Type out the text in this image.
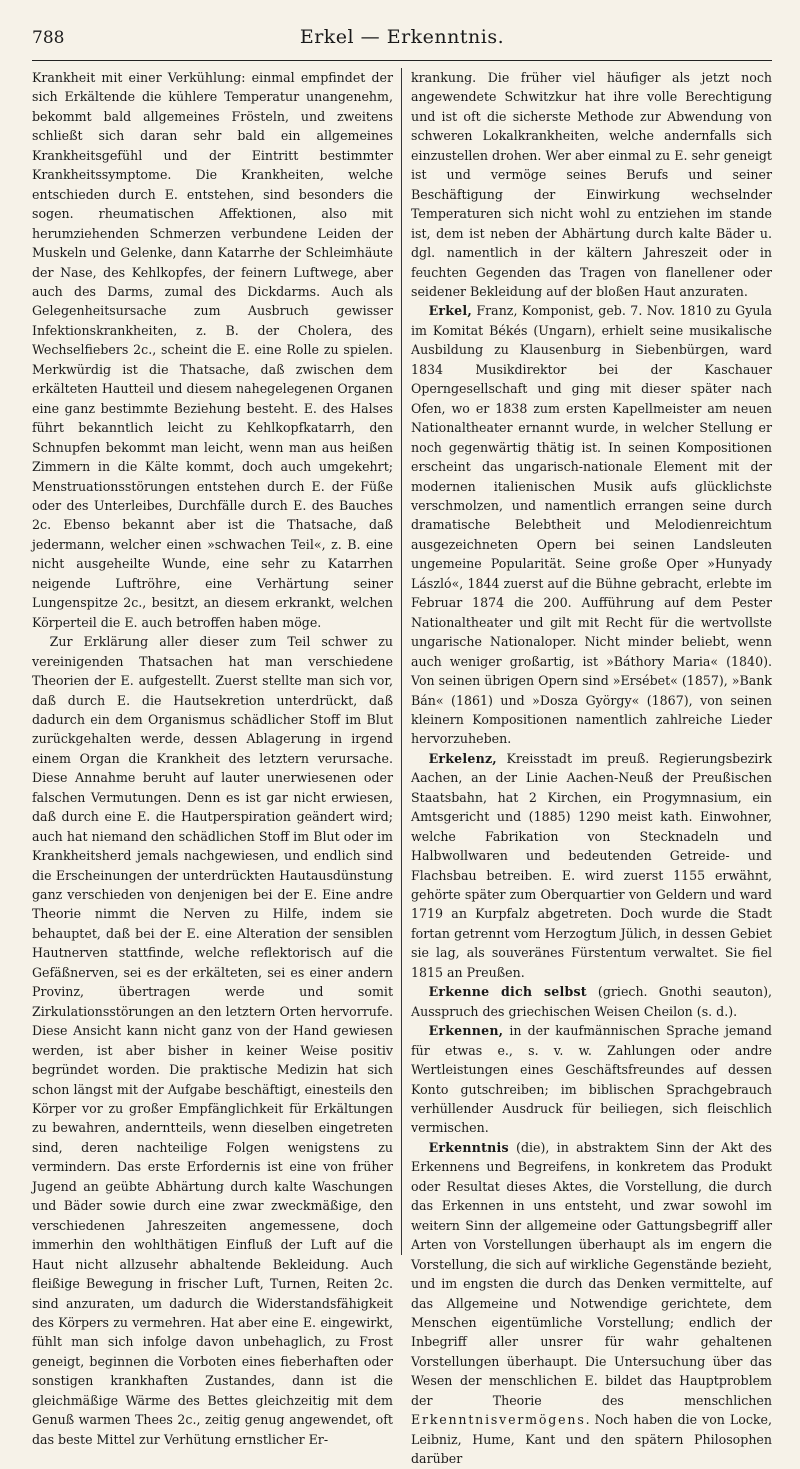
788	Erkel — Erkenntnis.

Krankheit mit einer Verkühlung: einmal empfindet der sich Erkältende die kühlere Temperatur unangenehm, bekommt bald allgemeines Frösteln, und zweitens schließt sich daran sehr bald ein allgemeines Krankheitsgefühl und der Eintritt bestimmter Krankheitssymptome. Die Krankheiten, welche entschieden durch E. entstehen, sind besonders die sogen. rheumatischen Affektionen, also mit herumziehenden Schmerzen verbundene Leiden der Muskeln und Gelenke, dann Katarrhe der Schleimhäute der Nase, des Kehlkopfes, der feinern Luftwege, aber auch des Darms, zumal des Dickdarms. Auch als Gelegenheitsursache zum Ausbruch gewisser Infektionskrankheiten, z. B. der Cholera, des Wechselfiebers 2c., scheint die E. eine Rolle zu spielen. Merkwürdig ist die Thatsache, daß zwischen dem erkälteten Hautteil und diesem nahegelegenen Organen eine ganz bestimmte Beziehung besteht. E. des Halses führt bekanntlich leicht zu Kehlkopfkatarrh, den Schnupfen bekommt man leicht, wenn man aus heißen Zimmern in die Kälte kommt, doch auch umgekehrt; Menstruationsstörungen entstehen durch E. der Füße oder des Unterleibes, Durchfälle durch E. des Bauches 2c. Ebenso bekannt aber ist die Thatsache, daß jedermann, welcher einen »schwachen Teil«, z. B. eine nicht ausgeheilte Wunde, eine sehr zu Katarrhen neigende Luftröhre, eine Verhärtung seiner Lungenspitze 2c., besitzt, an diesem erkrankt, welchen Körperteil die E. auch betroffen haben möge.

Zur Erklärung aller dieser zum Teil schwer zu vereinigenden Thatsachen hat man verschiedene Theorien der E. aufgestellt. Zuerst stellte man sich vor, daß durch E. die Hautsekretion unterdrückt, daß dadurch ein dem Organismus schädlicher Stoff im Blut zurückgehalten werde, dessen Ablagerung in irgend einem Organ die Krankheit des letztern verursache. Diese Annahme beruht auf lauter unerwiesenen oder falschen Vermutungen. Denn es ist gar nicht erwiesen, daß durch eine E. die Hautperspiration geändert wird; auch hat niemand den schädlichen Stoff im Blut oder im Krankheitsherd jemals nachgewiesen, und endlich sind die Erscheinungen der unterdrückten Hautausdünstung ganz verschieden von denjenigen bei der E. Eine andre Theorie nimmt die Nerven zu Hilfe, indem sie behauptet, daß bei der E. eine Alteration der sensiblen Hautnerven stattfinde, welche reflektorisch auf die Gefäßnerven, sei es der erkälteten, sei es einer andern Provinz, übertragen werde und somit Zirkulationsstörungen an den letztern Orten hervorrufe. Diese Ansicht kann nicht ganz von der Hand gewiesen werden, ist aber bisher in keiner Weise positiv begründet worden. Die praktische Medizin hat sich schon längst mit der Aufgabe beschäftigt, einesteils den Körper vor zu großer Empfänglichkeit für Erkältungen zu bewahren, anderntteils, wenn dieselben eingetreten sind, deren nachteilige Folgen wenigstens zu vermindern. Das erste Erfordernis ist eine von früher Jugend an geübte Abhärtung durch kalte Waschungen und Bäder sowie durch eine zwar zweckmäßige, den verschiedenen Jahreszeiten angemessene, doch immerhin den wohlthätigen Einfluß der Luft auf die Haut nicht allzusehr abhaltende Bekleidung. Auch fleißige Bewegung in frischer Luft, Turnen, Reiten 2c. sind anzuraten, um dadurch die Widerstandsfähigkeit des Körpers zu vermehren. Hat aber eine E. eingewirkt, fühlt man sich infolge davon unbehaglich, zu Frost geneigt, beginnen die Vorboten eines fieberhaften oder sonstigen krankhaften Zustandes, dann ist die gleichmäßige Wärme des Bettes gleichzeitig mit dem Genuß warmen Thees 2c., zeitig genug angewendet, oft das beste Mittel zur Verhütung ernstlicher Er-

krankung. Die früher viel häufiger als jetzt noch angewendete Schwitzkur hat ihre volle Berechtigung und ist oft die sicherste Methode zur Abwendung von schweren Lokalkrankheiten, welche andernfalls sich einzustellen drohen. Wer aber einmal zu E. sehr geneigt ist und vermöge seines Berufs und seiner Beschäftigung der Einwirkung wechselnder Temperaturen sich nicht wohl zu entziehen im stande ist, dem ist neben der Abhärtung durch kalte Bäder u. dgl. namentlich in der kältern Jahreszeit oder in feuchten Gegenden das Tragen von flanellener oder seidener Bekleidung auf der bloßen Haut anzuraten.

Erkel, Franz, Komponist, geb. 7. Nov. 1810 zu Gyula im Komitat Békés (Ungarn), erhielt seine musikalische Ausbildung zu Klausenburg in Siebenbürgen, ward 1834 Musikdirektor bei der Kaschauer Operngesellschaft und ging mit dieser später nach Ofen, wo er 1838 zum ersten Kapellmeister am neuen Nationaltheater ernannt wurde, in welcher Stellung er noch gegenwärtig thätig ist. In seinen Kompositionen erscheint das ungarisch-nationale Element mit der modernen italienischen Musik aufs glücklichste verschmolzen, und namentlich errangen seine durch dramatische Belebtheit und Melodienreichtum ausgezeichneten Opern bei seinen Landsleuten ungemeine Popularität. Seine große Oper »Hunyady László«, 1844 zuerst auf die Bühne gebracht, erlebte im Februar 1874 die 200. Aufführung auf dem Pester Nationaltheater und gilt mit Recht für die wertvollste ungarische Nationaloper. Nicht minder beliebt, wenn auch weniger großartig, ist »Báthory Maria« (1840). Von seinen übrigen Opern sind »Ersébet« (1857), »Bank Bán« (1861) und »Dosza György« (1867), von seinen kleinern Kompositionen namentlich zahlreiche Lieder hervorzuheben.

Erkelenz, Kreisstadt im preuß. Regierungsbezirk Aachen, an der Linie Aachen-Neuß der Preußischen Staatsbahn, hat 2 Kirchen, ein Progymnasium, ein Amtsgericht und (1885) 1290 meist kath. Einwohner, welche Fabrikation von Stecknadeln und Halbwollwaren und bedeutenden Getreide- und Flachsbau betreiben. E. wird zuerst 1155 erwähnt, gehörte später zum Oberquartier von Geldern und ward 1719 an Kurpfalz abgetreten. Doch wurde die Stadt fortan getrennt vom Herzogtum Jülich, in dessen Gebiet sie lag, als souveränes Fürstentum verwaltet. Sie fiel 1815 an Preußen.

Erkenne dich selbst (griech. Gnothi seauton), Ausspruch des griechischen Weisen Cheilon (s. d.).

Erkennen, in der kaufmännischen Sprache jemand für etwas e., s. v. w. Zahlungen oder andre Wertleistungen eines Geschäftsfreundes auf dessen Konto gutschreiben; im biblischen Sprachgebrauch verhüllender Ausdruck für beiliegen, sich fleischlich vermischen.

Erkenntnis (die), in abstraktem Sinn der Akt des Erkennens und Begreifens, in konkretem das Produkt oder Resultat dieses Aktes, die Vorstellung, die durch das Erkennen in uns entsteht, und zwar sowohl im weitern Sinn der allgemeine oder Gattungsbegriff aller Arten von Vorstellungen überhaupt als im engern die Vorstellung, die sich auf wirkliche Gegenstände bezieht, und im engsten die durch das Denken vermittelte, auf das Allgemeine und Notwendige gerichtete, dem Menschen eigentümliche Vorstellung; endlich der Inbegriff aller unsrer für wahr gehaltenen Vorstellungen überhaupt. Die Untersuchung über das Wesen der menschlichen E. bildet das Hauptproblem der Theorie des menschlichen Erkenntnisvermögens. Noch haben die von Locke, Leibniz, Hume, Kant und den spätern Philosophen darüber
